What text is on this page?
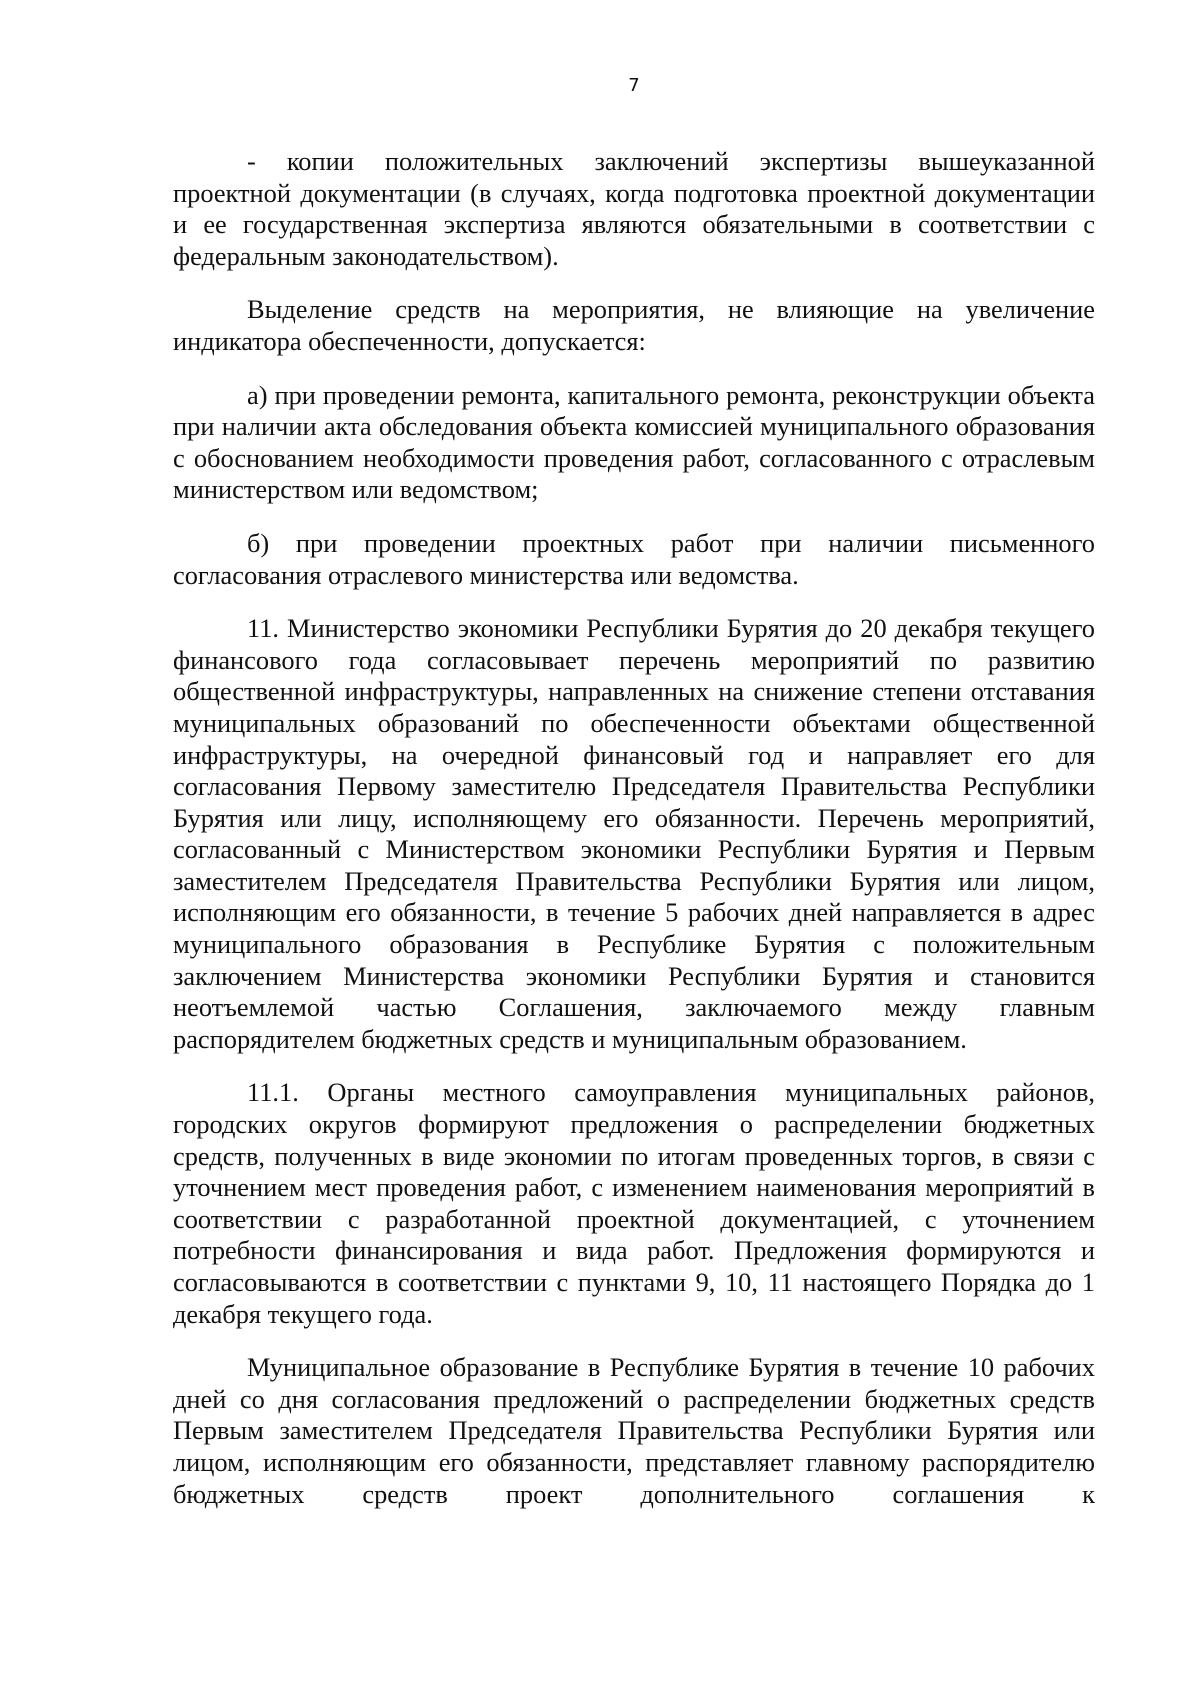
7

- копии положительных заключений экспертизы вышеуказанной проектной документации (в случаях, когда подготовка проектной документации и ее государственная экспертиза являются обязательными в соответствии с федеральным законодательством).

Выделение средств на мероприятия, не влияющие на увеличение индикатора обеспеченности, допускается:

а) при проведении ремонта, капитального ремонта, реконструкции объекта при наличии акта обследования объекта комиссией муниципального образования с обоснованием необходимости проведения работ, согласованного с отраслевым министерством или ведомством;

б) при проведении проектных работ при наличии письменного согласования отраслевого министерства или ведомства.

11. Министерство экономики Республики Бурятия до 20 декабря текущего финансового года согласовывает перечень мероприятий по развитию общественной инфраструктуры, направленных на снижение степени отставания муниципальных образований по обеспеченности объектами общественной инфраструктуры, на очередной финансовый год и направляет его для согласования Первому заместителю Председателя Правительства Республики Бурятия или лицу, исполняющему его обязанности. Перечень мероприятий, согласованный с Министерством экономики Республики Бурятия и Первым заместителем Председателя Правительства Республики Бурятия или лицом, исполняющим его обязанности, в течение 5 рабочих дней направляется в адрес муниципального образования в Республике Бурятия с положительным заключением Министерства экономики Республики Бурятия и становится неотъемлемой частью Соглашения, заключаемого между главным распорядителем бюджетных средств и муниципальным образованием.

11.1. Органы местного самоуправления муниципальных районов, городских округов формируют предложения о распределении бюджетных средств, полученных в виде экономии по итогам проведенных торгов, в связи с уточнением мест проведения работ, с изменением наименования мероприятий в соответствии с разработанной проектной документацией, с уточнением потребности финансирования и вида работ. Предложения формируются и согласовываются в соответствии с пунктами 9, 10, 11 настоящего Порядка до 1 декабря текущего года.

Муниципальное образование в Республике Бурятия в течение 10 рабочих дней со дня согласования предложений о распределении бюджетных средств Первым заместителем Председателя Правительства Республики Бурятия или лицом, исполняющим его обязанности, представляет главному распорядителю бюджетных средств проект дополнительного соглашения к
